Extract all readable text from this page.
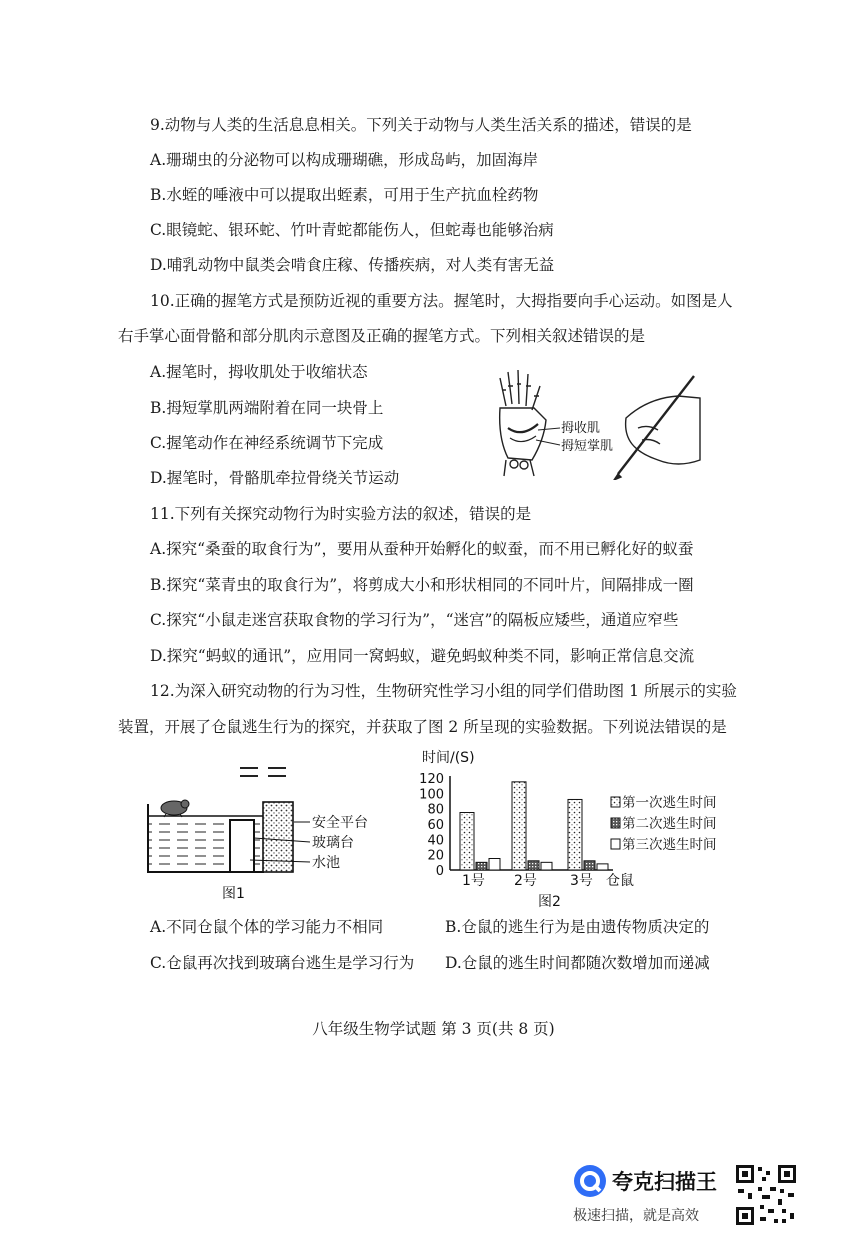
9.动物与人类的生活息息相关。下列关于动物与人类生活关系的描述，错误的是
A.珊瑚虫的分泌物可以构成珊瑚礁，形成岛屿，加固海岸
B.水蛭的唾液中可以提取出蛭素，可用于生产抗血栓药物
C.眼镜蛇、银环蛇、竹叶青蛇都能伤人，但蛇毒也能够治病
D.哺乳动物中鼠类会啃食庄稼、传播疾病，对人类有害无益
10.正确的握笔方式是预防近视的重要方法。握笔时，大拇指要向手心运动。如图是人
右手掌心面骨骼和部分肌肉示意图及正确的握笔方式。下列相关叙述错误的是
A.握笔时，拇收肌处于收缩状态
B.拇短掌肌两端附着在同一块骨上
C.握笔动作在神经系统调节下完成
D.握笔时，骨骼肌牵拉骨绕关节运动
拇收肌
拇短掌肌
11.下列有关探究动物行为时实验方法的叙述，错误的是
A.探究“桑蚕的取食行为”，要用从蚕种开始孵化的蚁蚕，而不用已孵化好的蚁蚕
B.探究“菜青虫的取食行为”，将剪成大小和形状相同的不同叶片，间隔排成一圈
C.探究“小鼠走迷宫获取食物的学习行为”，“迷宫”的隔板应矮些，通道应窄些
D.探究“蚂蚁的通讯”，应用同一窝蚂蚁，避免蚂蚁种类不同，影响正常信息交流
12.为深入研究动物的行为习性，生物研究性学习小组的同学们借助图 1 所展示的实验
装置，开展了仓鼠逃生行为的探究，并获取了图 2 所呈现的实验数据。下列说法错误的是
安全平台
玻璃台
水池
图1
时间/(S)
0
20
40
60
80
100
120
1号 2号 3号 仓鼠
第一次逃生时间
第二次逃生时间
第三次逃生时间
图2
A.不同仓鼠个体的学习能力不相同	B.仓鼠的逃生行为是由遗传物质决定的
C.仓鼠再次找到玻璃台逃生是学习行为 D.仓鼠的逃生时间都随次数增加而递减
八年级生物学试题 第 3 页(共 8 页)
夸克扫描王
极速扫描，就是高效
